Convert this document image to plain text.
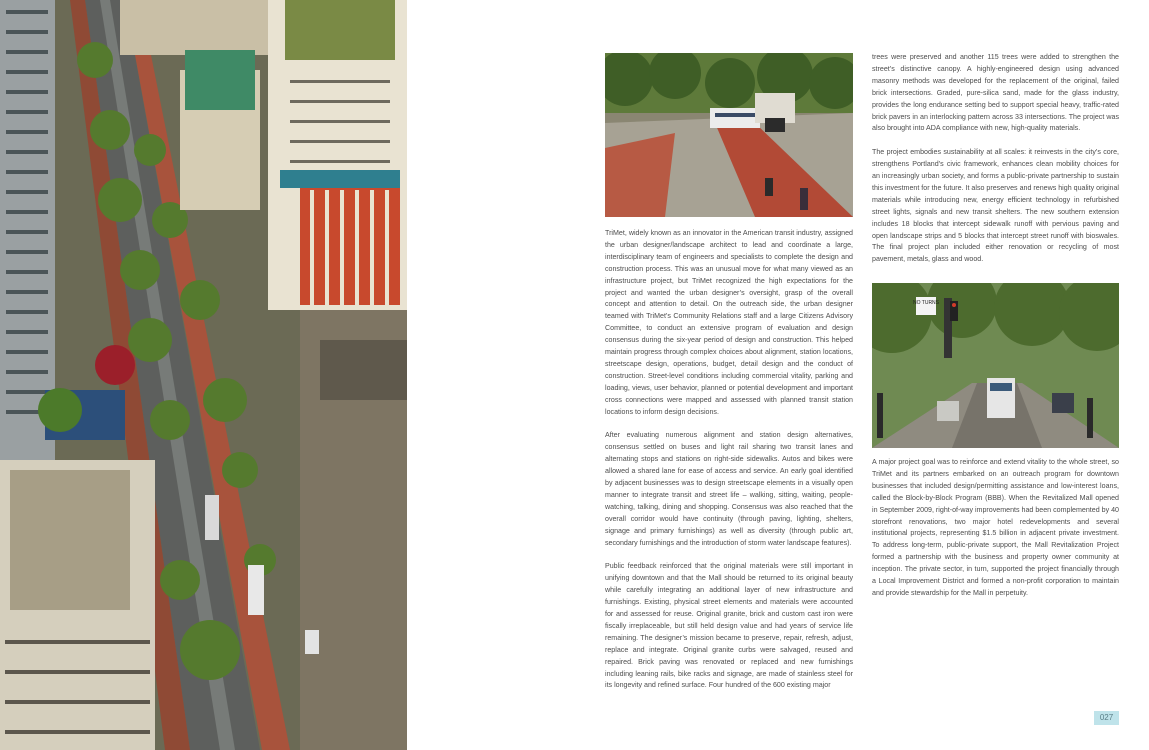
TriMet, widely known as an innovator in the American transit industry, assigned the urban designer/landscape architect to lead and coordinate a large, interdisciplinary team of engineers and specialists to complete the design and construction process. This was an unusual move for what many viewed as an infrastructure project, but TriMet recognized the high expectations for the project and wanted the urban designer’s oversight, grasp of the overall concept and attention to detail. On the outreach side, the urban designer teamed with TriMet’s Community Relations staff and a large Citizens Advisory Committee, to conduct an extensive program of evaluation and design consensus during the six-year period of design and construction. This helped maintain progress through complex choices about alignment, station locations, streetscape design, operations, budget, detail design and the conduct of construction. Street-level conditions including commercial vitality, parking and loading, views, user behavior, planned or potential development and important cross connections were mapped and assessed with planned transit station locations to inform design decisions.

After evaluating numerous alignment and station design alternatives, consensus settled on buses and light rail sharing two transit lanes and alternating stops and stations on right-side sidewalks. Autos and bikes were allowed a shared lane for ease of access and service. An early goal identified by adjacent businesses was to design streetscape elements in a visually open manner to integrate transit and street life – walking, sitting, waiting, people-watching, talking, dining and shopping. Consensus was also reached that the overall corridor would have continuity (through paving, lighting, shelters, signage and primary furnishings) as well as diversity (through public art, secondary furnishings and the introduction of storm water landscape features).

Public feedback reinforced that the original materials were still important in unifying downtown and that the Mall should be returned to its original beauty while carefully integrating an additional layer of new infrastructure and furnishings. Existing, physical street elements and materials were accounted for and assessed for reuse. Original granite, brick and custom cast iron were fiscally irreplaceable, but still held design value and had years of service life remaining. The designer’s mission became to preserve, repair, refresh, adjust, replace and integrate. Original granite curbs were salvaged, reused and repaired. Brick paving was renovated or replaced and new furnishings including leaning rails, bike racks and signage, are made of stainless steel for its longevity and refined surface. Four hundred of the 600 existing major

trees were preserved and another 115 trees were added to strengthen the street’s distinctive canopy. A highly-engineered design using advanced masonry methods was developed for the replacement of the original, failed brick intersections. Graded, pure-silica sand, made for the glass industry, provides the long endurance setting bed to support special heavy, traffic-rated brick pavers in an interlocking pattern across 33 intersections. The project was also brought into ADA compliance with new, high-quality materials.

The project embodies sustainability at all scales: it reinvests in the city’s core, strengthens Portland’s civic framework, enhances clean mobility choices for an increasingly urban society, and forms a public-private partnership to sustain this investment for the future. It also preserves and renews high quality original materials while introducing new, energy efficient technology in refurbished street lights, signals and new transit shelters. The new southern extension includes 18 blocks that intercept sidewalk runoff with pervious paving and open landscape strips and 5 blocks that intercept street runoff with bioswales. The final project plan included either renovation or recycling of most pavement, metals, glass and wood.

NO TURNS

A major project goal was to reinforce and extend vitality to the whole street, so TriMet and its partners embarked on an outreach program for downtown businesses that included design/permitting assistance and low-interest loans, called the Block-by-Block Program (BBB). When the Revitalized Mall opened in September 2009, right-of-way improvements had been complemented by 40 storefront renovations, two major hotel redevelopments and several institutional projects, representing $1.5 billion in adjacent private investment. To address long-term, public-private support, the Mall Revitalization Project formed a partnership with the business and property owner community at inception. The private sector, in turn, supported the project financially through a Local Improvement District and formed a non-profit corporation to maintain and provide stewardship for the Mall in perpetuity.

027
